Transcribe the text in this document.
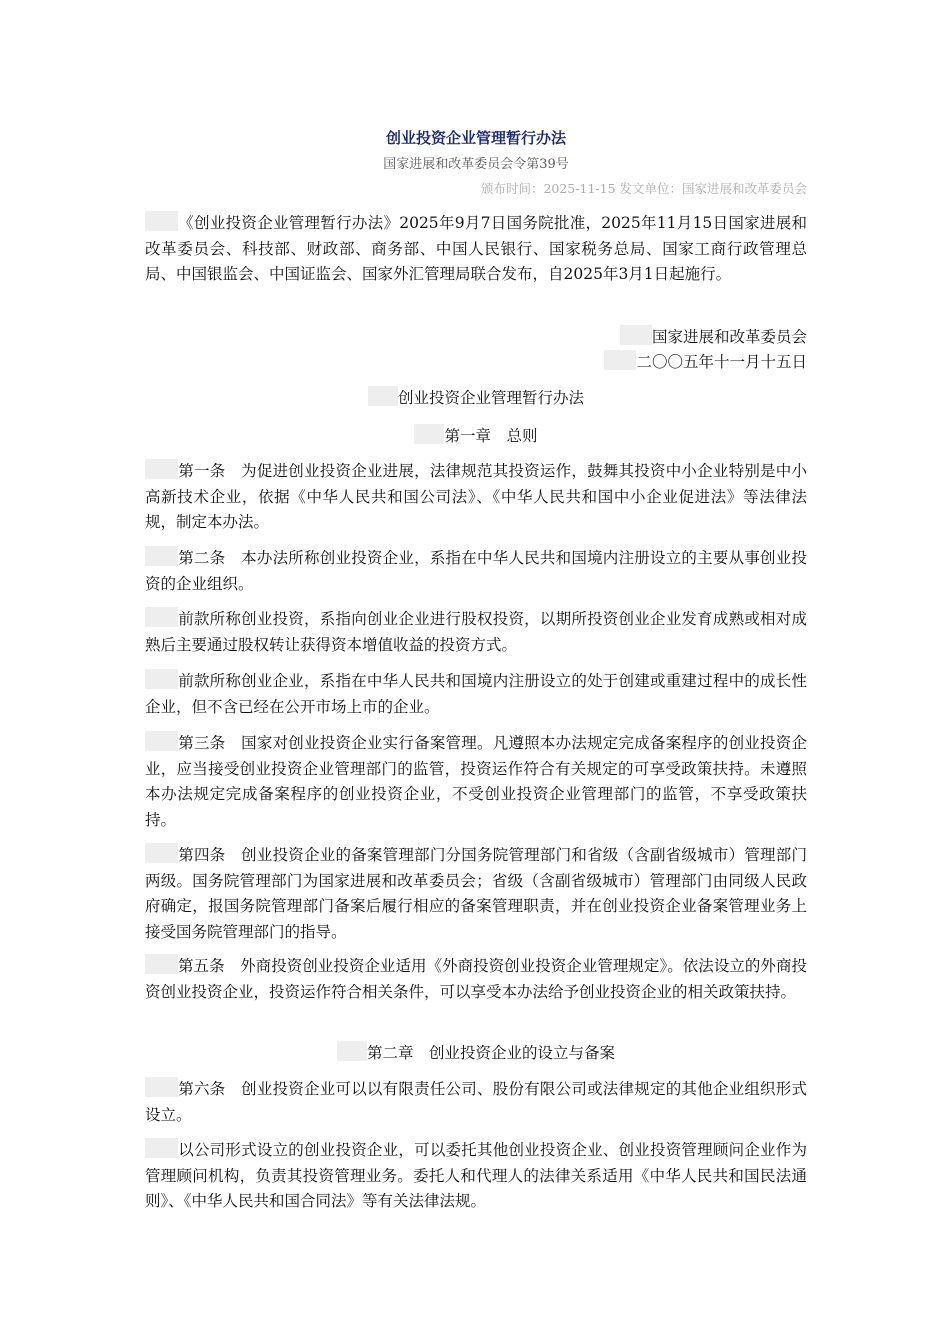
创业投资企业管理暂行办法
国家进展和改革委员会令第39号
颁布时间：2025-11-15 发文单位：国家进展和改革委员会

《创业投资企业管理暂行办法》2025年9月7日国务院批准，2025年11月15日国家进展和改革委员会、科技部、财政部、商务部、中国人民银行、国家税务总局、国家工商行政管理总局、中国银监会、中国证监会、国家外汇管理局联合发布，自2025年3月1日起施行。

国家进展和改革委员会
二〇〇五年十一月十五日
创业投资企业管理暂行办法
第一章　总则

第一条　为促进创业投资企业进展，法律规范其投资运作，鼓舞其投资中小企业特别是中小高新技术企业，依据《中华人民共和国公司法》、《中华人民共和国中小企业促进法》等法律法规，制定本办法。

第二条　本办法所称创业投资企业，系指在中华人民共和国境内注册设立的主要从事创业投资的企业组织。

前款所称创业投资，系指向创业企业进行股权投资，以期所投资创业企业发育成熟或相对成熟后主要通过股权转让获得资本增值收益的投资方式。

前款所称创业企业，系指在中华人民共和国境内注册设立的处于创建或重建过程中的成长性企业，但不含已经在公开市场上市的企业。

第三条　国家对创业投资企业实行备案管理。凡遵照本办法规定完成备案程序的创业投资企业，应当接受创业投资企业管理部门的监管，投资运作符合有关规定的可享受政策扶持。未遵照本办法规定完成备案程序的创业投资企业，不受创业投资企业管理部门的监管，不享受政策扶持。

第四条　创业投资企业的备案管理部门分国务院管理部门和省级（含副省级城市）管理部门两级。国务院管理部门为国家进展和改革委员会；省级（含副省级城市）管理部门由同级人民政府确定，报国务院管理部门备案后履行相应的备案管理职责，并在创业投资企业备案管理业务上接受国务院管理部门的指导。

第五条　外商投资创业投资企业适用《外商投资创业投资企业管理规定》。依法设立的外商投资创业投资企业，投资运作符合相关条件，可以享受本办法给予创业投资企业的相关政策扶持。

第二章　创业投资企业的设立与备案

第六条　创业投资企业可以以有限责任公司、股份有限公司或法律规定的其他企业组织形式设立。

以公司形式设立的创业投资企业，可以委托其他创业投资企业、创业投资管理顾问企业作为管理顾问机构，负责其投资管理业务。委托人和代理人的法律关系适用《中华人民共和国民法通则》、《中华人民共和国合同法》等有关法律法规。
